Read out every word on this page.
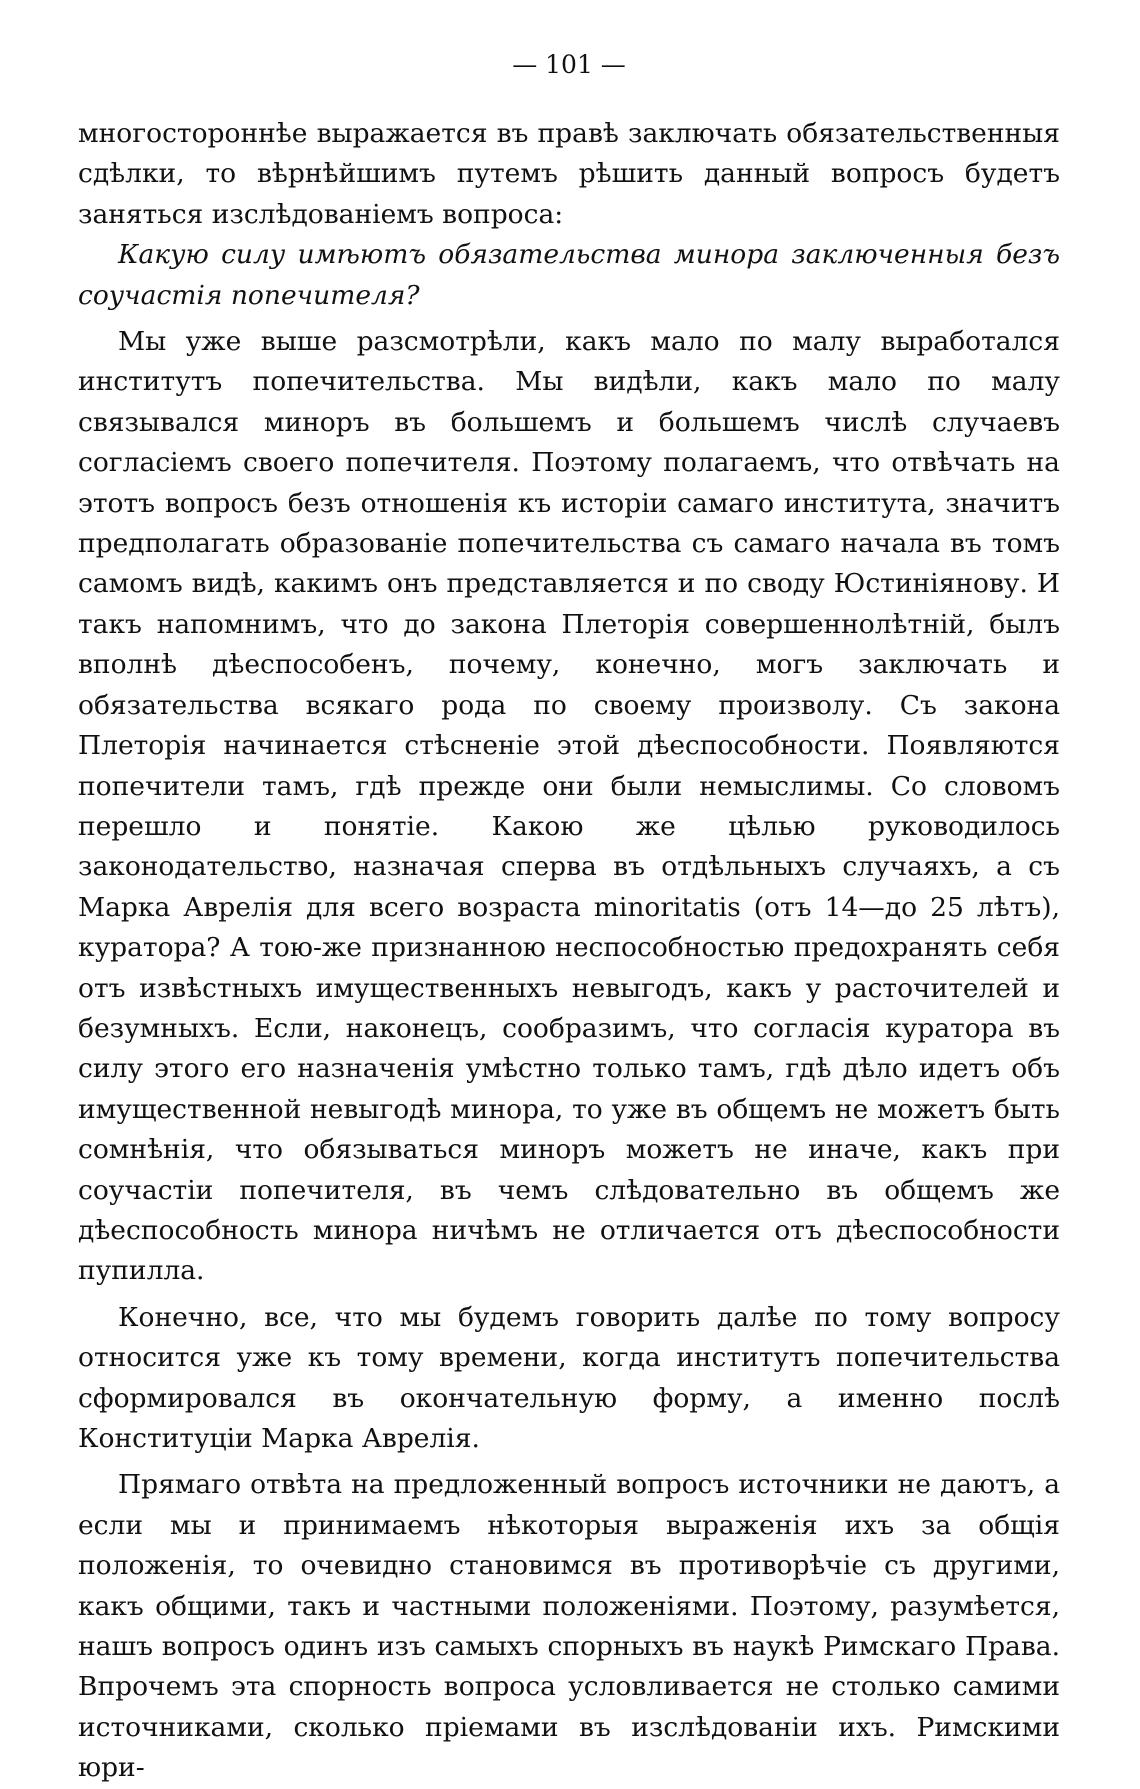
— 101 —

многостороннѣе выражается въ правѣ заключать обязательственныя сдѣлки, то вѣрнѣйшимъ путемъ рѣшить данный вопросъ будетъ заняться изслѣдованіемъ вопроса:

Какую силу имѣютъ обязательства минора заключенныя безъ соучастія попечителя?

Мы уже выше разсмотрѣли, какъ мало по малу выработался институтъ попечительства. Мы видѣли, какъ мало по малу связывался миноръ въ большемъ и большемъ числѣ случаевъ согласіемъ своего попечителя. Поэтому полагаемъ, что отвѣчать на этотъ вопросъ безъ отношенія къ исторіи самаго института, значитъ предполагать образованіе попечительства съ самаго начала въ томъ самомъ видѣ, какимъ онъ представляется и по своду Юстиніянову. И такъ напомнимъ, что до закона Плеторія совершеннолѣтній, былъ вполнѣ дѣеспособенъ, почему, конечно, могъ заключать и обязательства всякаго рода по своему произволу. Съ закона Плеторія начинается стѣсненіе этой дѣеспособности. Появляются попечители тамъ, гдѣ прежде они были немыслимы. Со словомъ перешло и понятіе. Какою же цѣлью руководилось законодательство, назначая сперва въ отдѣльныхъ случаяхъ, а съ Марка Аврелія для всего возраста minoritatis (отъ 14—до 25 лѣтъ), куратора? А тою-же признанною неспособностью предохранять себя отъ извѣстныхъ имущественныхъ невыгодъ, какъ у расточителей и безумныхъ. Если, наконецъ, сообразимъ, что согласія куратора въ силу этого его назначенія умѣстно только тамъ, гдѣ дѣло идетъ объ имущественной невыгодѣ минора, то уже въ общемъ не можетъ быть сомнѣнія, что обязываться миноръ можетъ не иначе, какъ при соучастіи попечителя, въ чемъ слѣдовательно въ общемъ же дѣеспособность минора ничѣмъ не отличается отъ дѣеспособности пупилла.

Конечно, все, что мы будемъ говорить далѣе по тому вопросу относится уже къ тому времени, когда институтъ попечительства сформировался въ окончательную форму, а именно послѣ Конституціи Марка Аврелія.

Прямаго отвѣта на предложенный вопросъ источники не даютъ, а если мы и принимаемъ нѣкоторыя выраженія ихъ за общія положенія, то очевидно становимся въ противорѣчіе съ другими, какъ общими, такъ и частными положеніями. Поэтому, разумѣется, нашъ вопросъ одинъ изъ самыхъ спорныхъ въ наукѣ Римскаго Права. Впрочемъ эта спорность вопроса условливается не столько самими источниками, сколько пріемами въ изслѣдованіи ихъ. Римскими юри-
